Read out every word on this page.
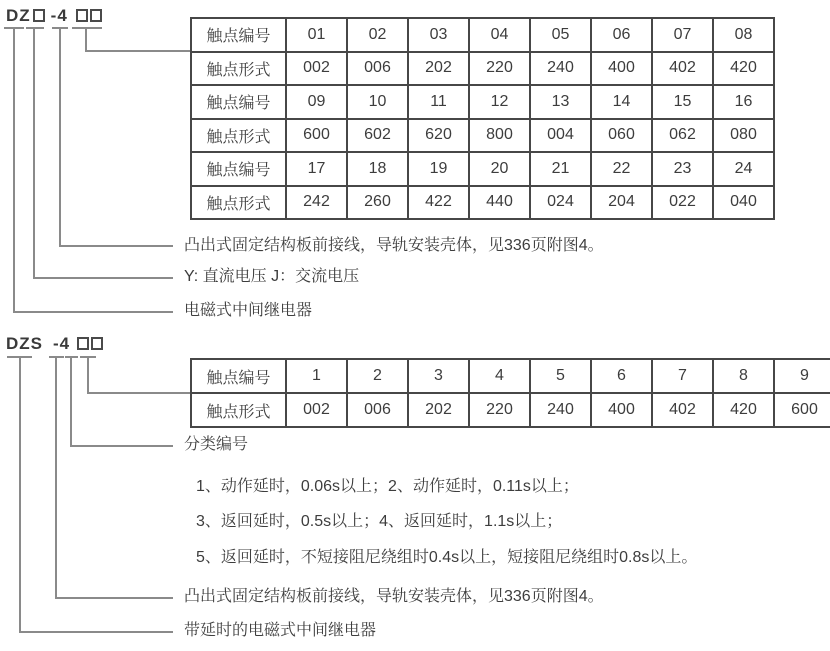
DZ -4
触点编号	01	02	03	04	05	06	07	08
触点形式	002	006	202	220	240	400	402	420
触点编号	09	10	11	12	13	14	15	16
触点形式	600	602	620	800	004	060	062	080
触点编号	17	18	19	20	21	22	23	24
触点形式	242	260	422	440	024	204	022	040
凸出式固定结构板前接线，导轨安装壳体，见336页附图4。
Y: 直流电压 J：交流电压
电磁式中间继电器
DZS -4
触点编号	1	2	3	4	5	6	7	8	9
触点形式	002	006	202	220	240	400	402	420	600
分类编号
1、动作延时，0.06s以上；2、动作延时，0.11s以上；
3、返回延时，0.5s以上；4、返回延时，1.1s以上；
5、返回延时，不短接阻尼绕组时0.4s以上，短接阻尼绕组时0.8s以上。
凸出式固定结构板前接线，导轨安装壳体，见336页附图4。
带延时的电磁式中间继电器
